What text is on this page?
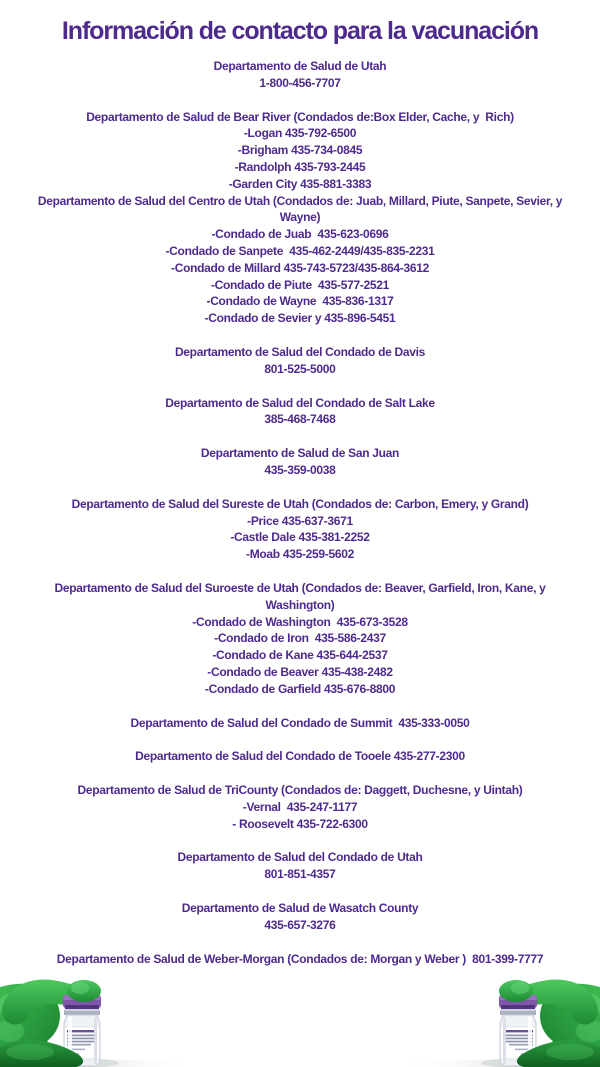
Información de contacto para la vacunación
Departamento de Salud de Utah
1-800-456-7707
Departamento de Salud de Bear River (Condados de:Box Elder, Cache, y  Rich)
-Logan 435-792-6500
-Brigham 435-734-0845
-Randolph 435-793-2445
-Garden City 435-881-3383
Departamento de Salud del Centro de Utah (Condados de: Juab, Millard, Piute, Sanpete, Sevier, y
Wayne)
-Condado de Juab  435-623-0696
-Condado de Sanpete  435-462-2449/435-835-2231
-Condado de Millard 435-743-5723/435-864-3612
-Condado de Piute  435-577-2521
-Condado de Wayne  435-836-1317
-Condado de Sevier y 435-896-5451
Departamento de Salud del Condado de Davis
801-525-5000
Departamento de Salud del Condado de Salt Lake
385-468-7468
Departamento de Salud de San Juan
435-359-0038
Departamento de Salud del Sureste de Utah (Condados de: Carbon, Emery, y Grand)
-Price 435-637-3671
-Castle Dale 435-381-2252
-Moab 435-259-5602
Departamento de Salud del Suroeste de Utah (Condados de: Beaver, Garfield, Iron, Kane, y
Washington)
-Condado de Washington  435-673-3528
-Condado de Iron  435-586-2437
-Condado de Kane 435-644-2537
-Condado de Beaver 435-438-2482
-Condado de Garfield 435-676-8800
Departamento de Salud del Condado de Summit  435-333-0050
Departamento de Salud del Condado de Tooele 435-277-2300
Departamento de Salud de TriCounty (Condados de: Daggett, Duchesne, y Uintah)
-Vernal  435-247-1177
- Roosevelt 435-722-6300
Departamento de Salud del Condado de Utah
801-851-4357
Departamento de Salud de Wasatch County
435-657-3276
Departamento de Salud de Weber-Morgan (Condados de: Morgan y Weber )  801-399-7777
